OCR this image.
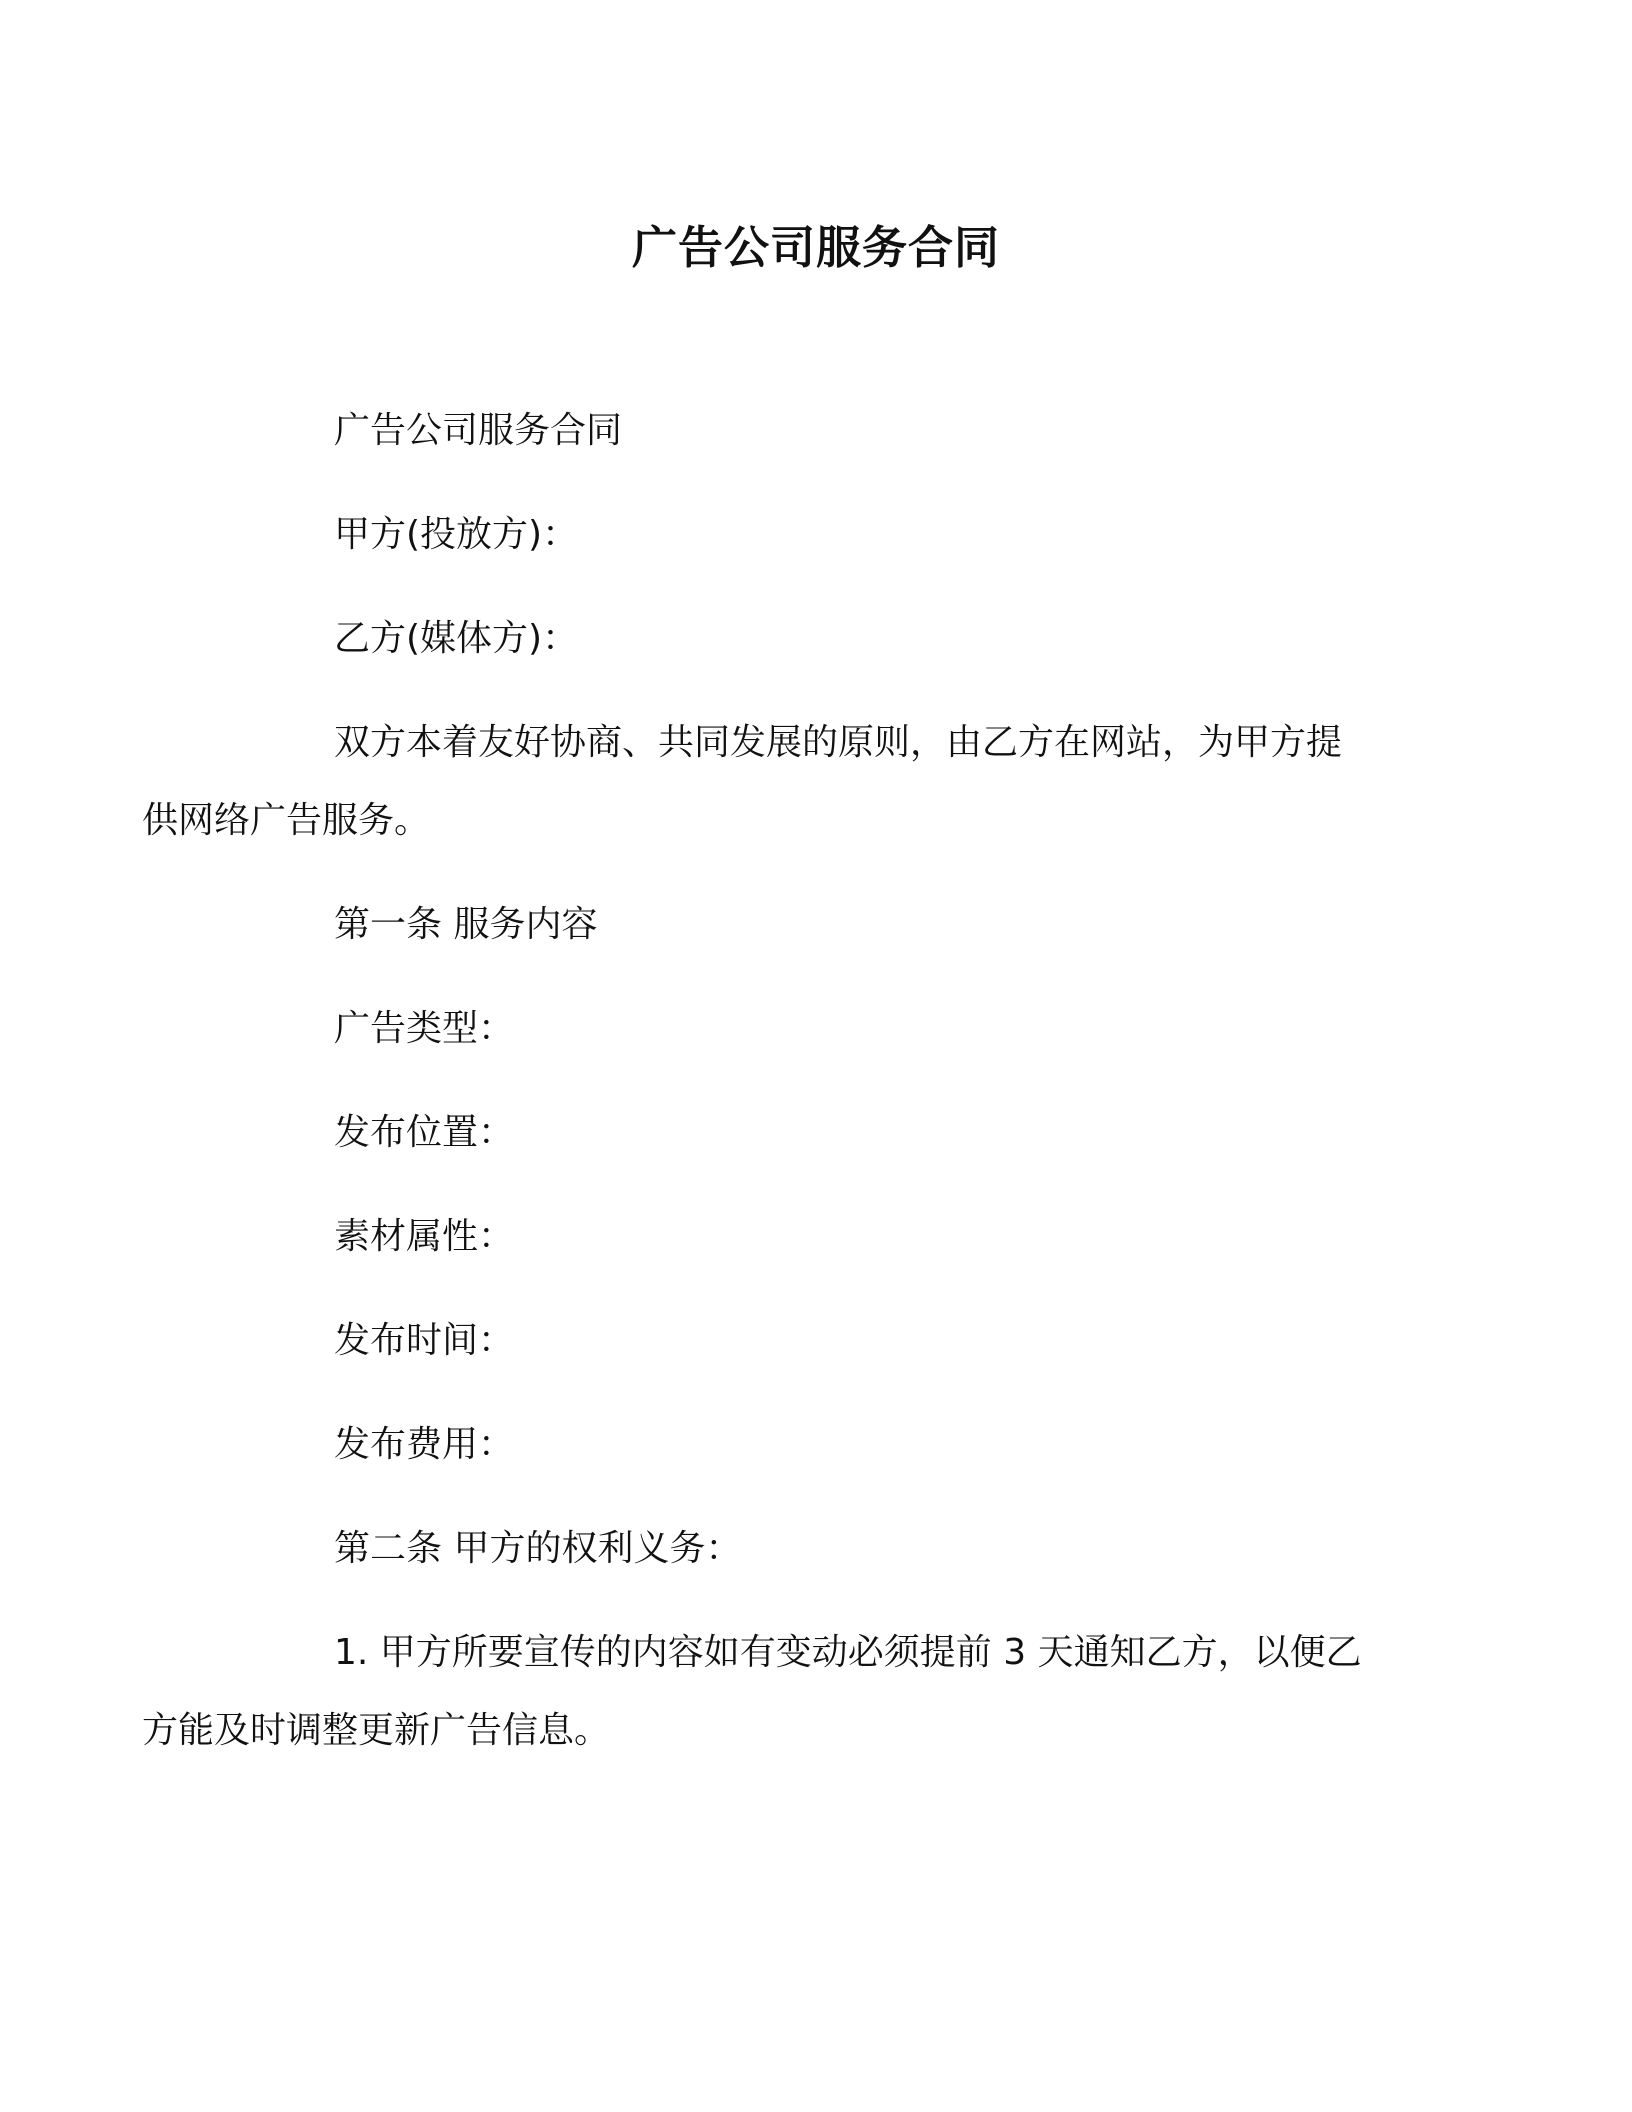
广告公司服务合同

广告公司服务合同

甲方(投放方)：

乙方(媒体方)：

双方本着友好协商、共同发展的原则，由乙方在网站，为甲方提
供网络广告服务。

第一条 服务内容

广告类型：

发布位置：

素材属性：

发布时间：

发布费用：

第二条 甲方的权利义务：

1. 甲方所要宣传的内容如有变动必须提前 3 天通知乙方，以便乙
方能及时调整更新广告信息。
